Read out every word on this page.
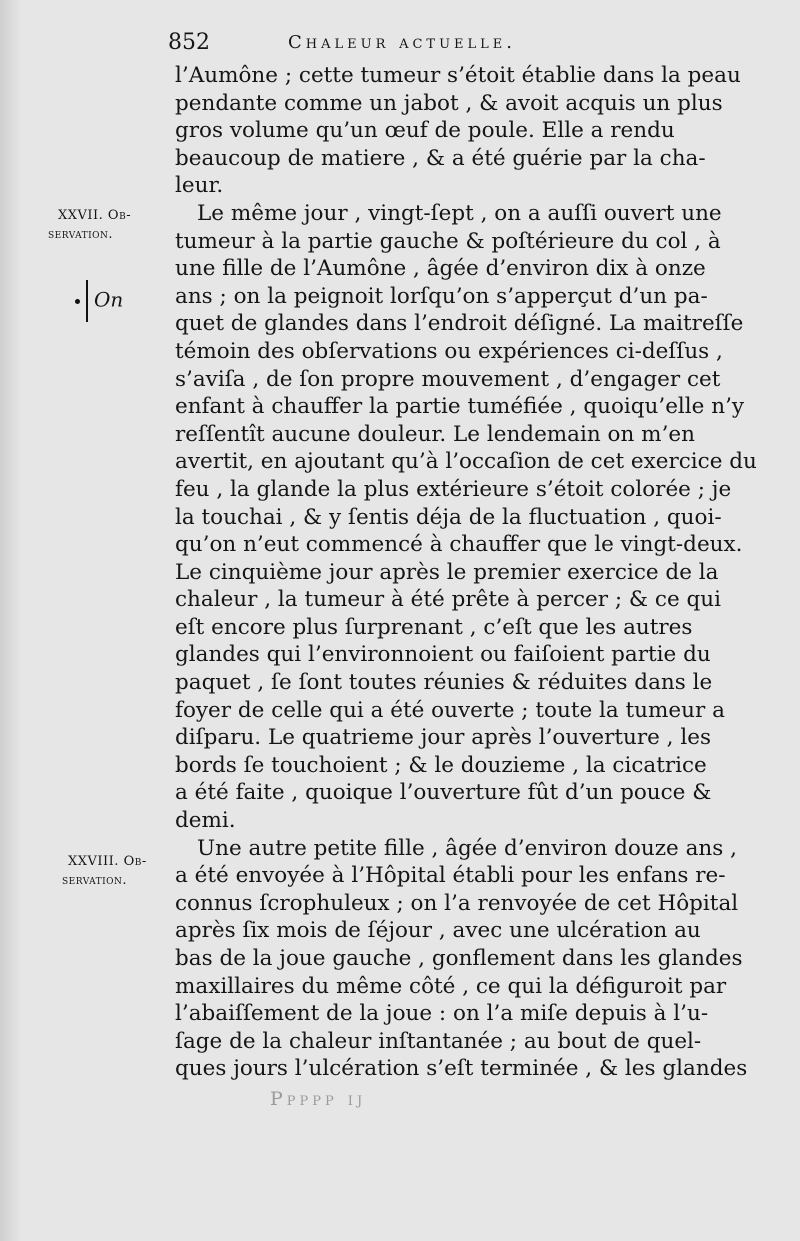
852	Chaleur actuelle.
XXVII. Ob-
servation.
On
XXVIII. Ob-
servation.
l’Aumône ; cette tumeur s’étoit établie dans la peau
pendante comme un jabot , & avoit acquis un plus
gros volume qu’un œuf de poule. Elle a rendu
beaucoup de matiere , & a été guérie par la cha-
leur.
Le même jour , vingt-ſept , on a auſſi ouvert une
tumeur à la partie gauche & poſtérieure du col , à
une fille de l’Aumône , âgée d’environ dix à onze
ans ; on la peignoit lorſqu’on s’apperçut d’un pa-
quet de glandes dans l’endroit déſigné. La maitreſſe
témoin des obſervations ou expériences ci-deſſus ,
s’aviſa , de ſon propre mouvement , d’engager cet
enfant à chauffer la partie tuméfiée , quoiqu’elle n’y
reſſentît aucune douleur. Le lendemain on m’en
avertit, en ajoutant qu’à l’occaſion de cet exercice du
feu , la glande la plus extérieure s’étoit colorée ; je
la touchai , & y ſentis déja de la fluctuation , quoi-
qu’on n’eut commencé à chauffer que le vingt-deux.
Le cinquième jour après le premier exercice de la
chaleur , la tumeur à été prête à percer ; & ce qui
eſt encore plus ſurprenant , c’eſt que les autres
glandes qui l’environnoient ou faiſoient partie du
paquet , ſe ſont toutes réunies & réduites dans le
foyer de celle qui a été ouverte ; toute la tumeur a
diſparu. Le quatrieme jour après l’ouverture , les
bords ſe touchoient ; & le douzieme , la cicatrice
a été faite , quoique l’ouverture fût d’un pouce &
demi.
Une autre petite fille , âgée d’environ douze ans ,
a été envoyée à l’Hôpital établi pour les enfans re-
connus ſcrophuleux ; on l’a renvoyée de cet Hôpital
après ſix mois de ſéjour , avec une ulcération au
bas de la joue gauche , gonflement dans les glandes
maxillaires du même côté , ce qui la défiguroit par
l’abaiſſement de la joue : on l’a miſe depuis à l’u-
ſage de la chaleur inſtantanée ; au bout de quel-
ques jours l’ulcération s’eſt terminée , & les glandes
Ppppp ij
